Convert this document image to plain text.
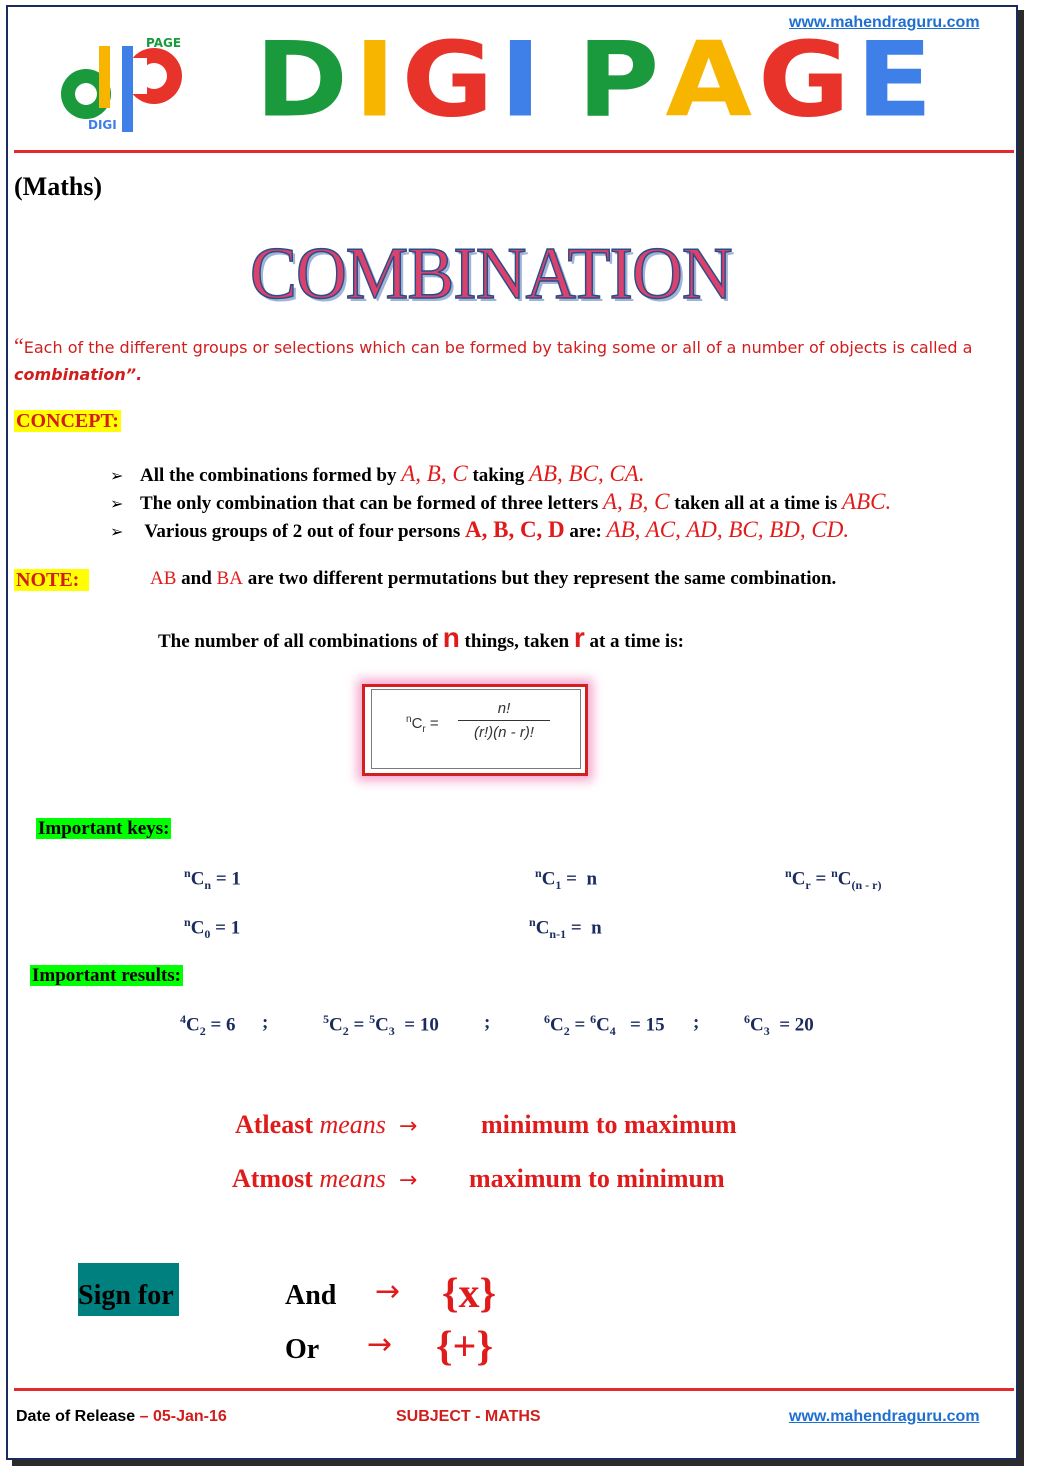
www.mahendraguru.com
PAGE
DIGI DIGI PAGE
(Maths)
COMBINATION
“Each of the different groups or selections which can be formed by taking some or all of a number of objects is called a combination”.
CONCEPT:
➢ All the combinations formed by A, B, C taking AB, BC, CA.
➢ The only combination that can be formed of three letters A, B, C taken all at a time is ABC.
➢ Various groups of 2 out of four persons A, B, C, D are: AB, AC, AD, BC, BD, CD.
NOTE:	AB and BA are two different permutations but they represent the same combination.
The number of all combinations of n things, taken r at a time is:
$^nC_r$ =
n!
(r!)(n - r)!
Important keys:
$^nC_n = 1$	$^nC_1 = n$	$^nC_r = ^nC_{(n - r)}$
$^nC_0 = 1$	$^nC_{n-1} = n$
Important results:
$^4C_2 = 6$ ;	$^5C_2 = ^5C_3 = 10$ ;	$^6C_2 = ^6C_4 = 15$ ;	$^6C_3 = 20$
Atleast means → minimum to maximum
Atmost means → maximum to minimum
Sign for	And → {x}
Or → {+}
Date of Release – 05-Jan-16	SUBJECT - MATHS	www.mahendraguru.com
